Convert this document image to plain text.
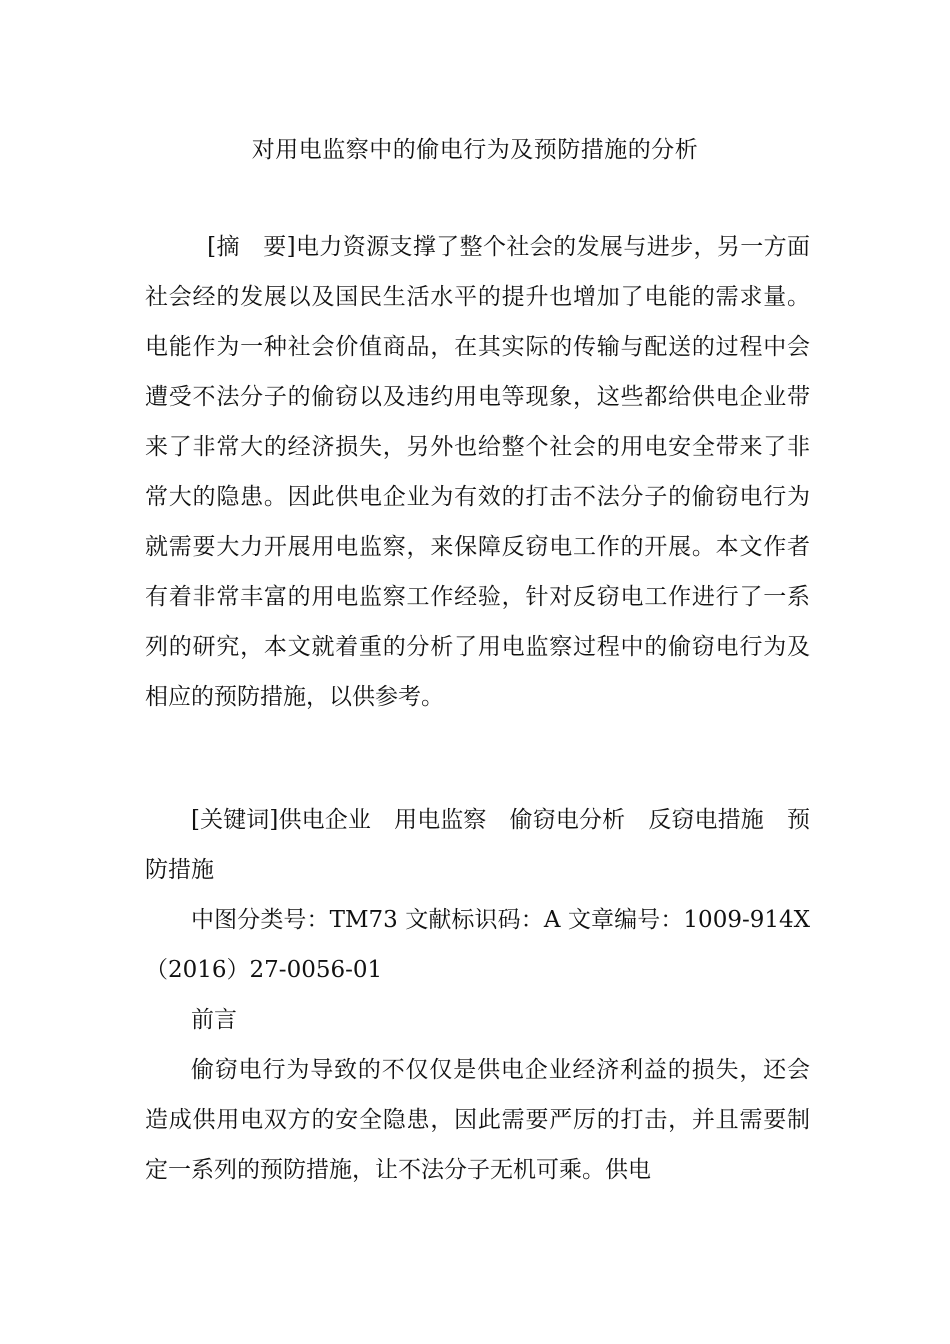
对用电监察中的偷电行为及预防措施的分析

[摘　要]电力资源支撑了整个社会的发展与进步，另一方面社会经的发展以及国民生活水平的提升也增加了电能的需求量。电能作为一种社会价值商品，在其实际的传输与配送的过程中会遭受不法分子的偷窃以及违约用电等现象，这些都给供电企业带来了非常大的经济损失，另外也给整个社会的用电安全带来了非常大的隐患。因此供电企业为有效的打击不法分子的偷窃电行为就需要大力开展用电监察，来保障反窃电工作的开展。本文作者有着非常丰富的用电监察工作经验，针对反窃电工作进行了一系列的研究，本文就着重的分析了用电监察过程中的偷窃电行为及相应的预防措施，以供参考。

[关键词]供电企业　用电监察　偷窃电分析　反窃电措施　预防措施

中图分类号：TM73 文献标识码：A 文章编号：1009-914X（2016）27-0056-01

前言

偷窃电行为导致的不仅仅是供电企业经济利益的损失，还会造成供用电双方的安全隐患，因此需要严厉的打击，并且需要制定一系列的预防措施，让不法分子无机可乘。供电
